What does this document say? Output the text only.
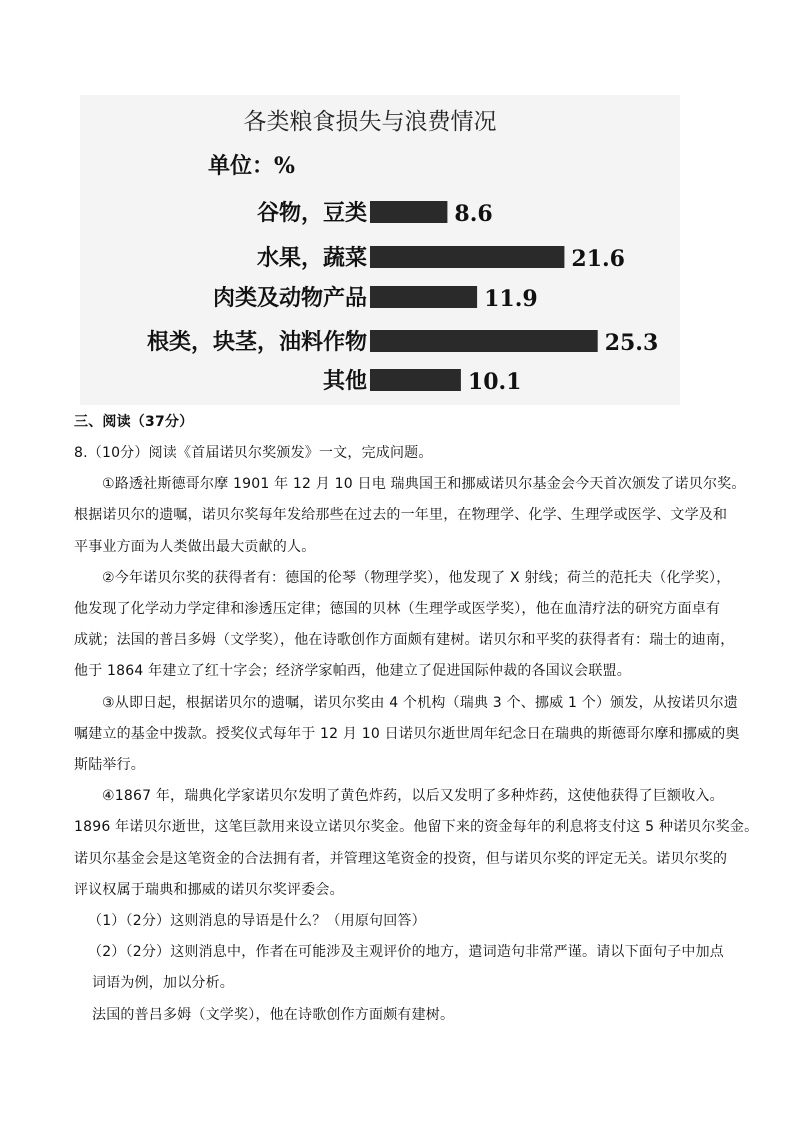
各类粮食损失与浪费情况
单位：%
谷物，豆类	8.6
水果，蔬菜	21.6
肉类及动物产品	11.9
根类，块茎，油料作物	25.3
其他	10.1
三、阅读（37分）
8.（10分）阅读《首届诺贝尔奖颁发》一文，完成问题。
①路透社斯德哥尔摩 1901 年 12 月 10 日电 瑞典国王和挪威诺贝尔基金会今天首次颁发了诺贝尔奖。
根据诺贝尔的遗嘱，诺贝尔奖每年发给那些在过去的一年里，在物理学、化学、生理学或医学、文学及和
平事业方面为人类做出最大贡献的人。
②今年诺贝尔奖的获得者有：德国的伦琴（物理学奖），他发现了 X 射线；荷兰的范托夫（化学奖），
他发现了化学动力学定律和渗透压定律；德国的贝林（生理学或医学奖），他在血清疗法的研究方面卓有
成就；法国的普吕多姆（文学奖），他在诗歌创作方面颇有建树。诺贝尔和平奖的获得者有：瑞士的迪南，
他于 1864 年建立了红十字会；经济学家帕西，他建立了促进国际仲裁的各国议会联盟。
③从即日起，根据诺贝尔的遗嘱，诺贝尔奖由 4 个机构（瑞典 3 个、挪威 1 个）颁发，从按诺贝尔遗
嘱建立的基金中拨款。授奖仪式每年于 12 月 10 日诺贝尔逝世周年纪念日在瑞典的斯德哥尔摩和挪威的奥
斯陆举行。
④1867 年，瑞典化学家诺贝尔发明了黄色炸药，以后又发明了多种炸药，这使他获得了巨额收入。
1896 年诺贝尔逝世，这笔巨款用来设立诺贝尔奖金。他留下来的资金每年的利息将支付这 5 种诺贝尔奖金。
诺贝尔基金会是这笔资金的合法拥有者，并管理这笔资金的投资，但与诺贝尔奖的评定无关。诺贝尔奖的
评议权属于瑞典和挪威的诺贝尔奖评委会。
（1）（2分）这则消息的导语是什么？（用原句回答）
（2）（2分）这则消息中，作者在可能涉及主观评价的地方，遣词造句非常严谨。请以下面句子中加点
词语为例，加以分析。
法国的普吕多姆（文学奖），他在诗歌创作方面颇有建树。
